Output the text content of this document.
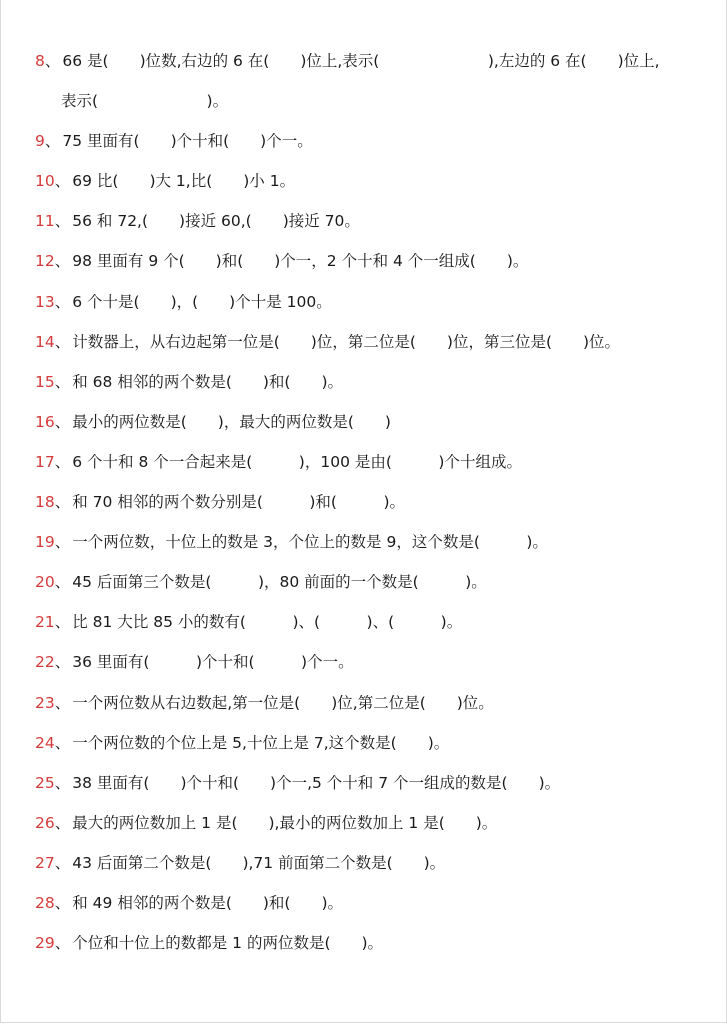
8、 66 是(　　)位数,右边的 6 在(　　)位上,表示(　　　　　　　),左边的 6 在(　　)位上,
表示(　　　　　　　)。
9、 75 里面有(　　)个十和(　　)个一。
10、 69 比(　　)大 1,比(　　)小 1。
11、 56 和 72,(　　)接近 60,(　　)接近 70。
12、 98 里面有 9 个(　　)和(　　)个一，2 个十和 4 个一组成(　　)。
13、 6 个十是(　　)，(　　)个十是 100。
14、 计数器上，从右边起第一位是(　　)位，第二位是(　　)位，第三位是(　　)位。
15、 和 68 相邻的两个数是(　　)和(　　)。
16、 最小的两位数是(　　)，最大的两位数是(　　)
17、 6 个十和 8 个一合起来是(　　　)，100 是由(　　　)个十组成。
18、 和 70 相邻的两个数分别是(　　　)和(　　　)。
19、 一个两位数，十位上的数是 3，个位上的数是 9，这个数是(　　　)。
20、 45 后面第三个数是(　　　)，80 前面的一个数是(　　　)。
21、 比 81 大比 85 小的数有(　　　)、(　　　)、(　　　)。
22、 36 里面有(　　　)个十和(　　　)个一。
23、 一个两位数从右边数起,第一位是(　　)位,第二位是(　　)位。
24、 一个两位数的个位上是 5,十位上是 7,这个数是(　　)。
25、 38 里面有(　　)个十和(　　)个一,5 个十和 7 个一组成的数是(　　)。
26、 最大的两位数加上 1 是(　　),最小的两位数加上 1 是(　　)。
27、 43 后面第二个数是(　　),71 前面第二个数是(　　)。
28、 和 49 相邻的两个数是(　　)和(　　)。
29、 个位和十位上的数都是 1 的两位数是(　　)。
